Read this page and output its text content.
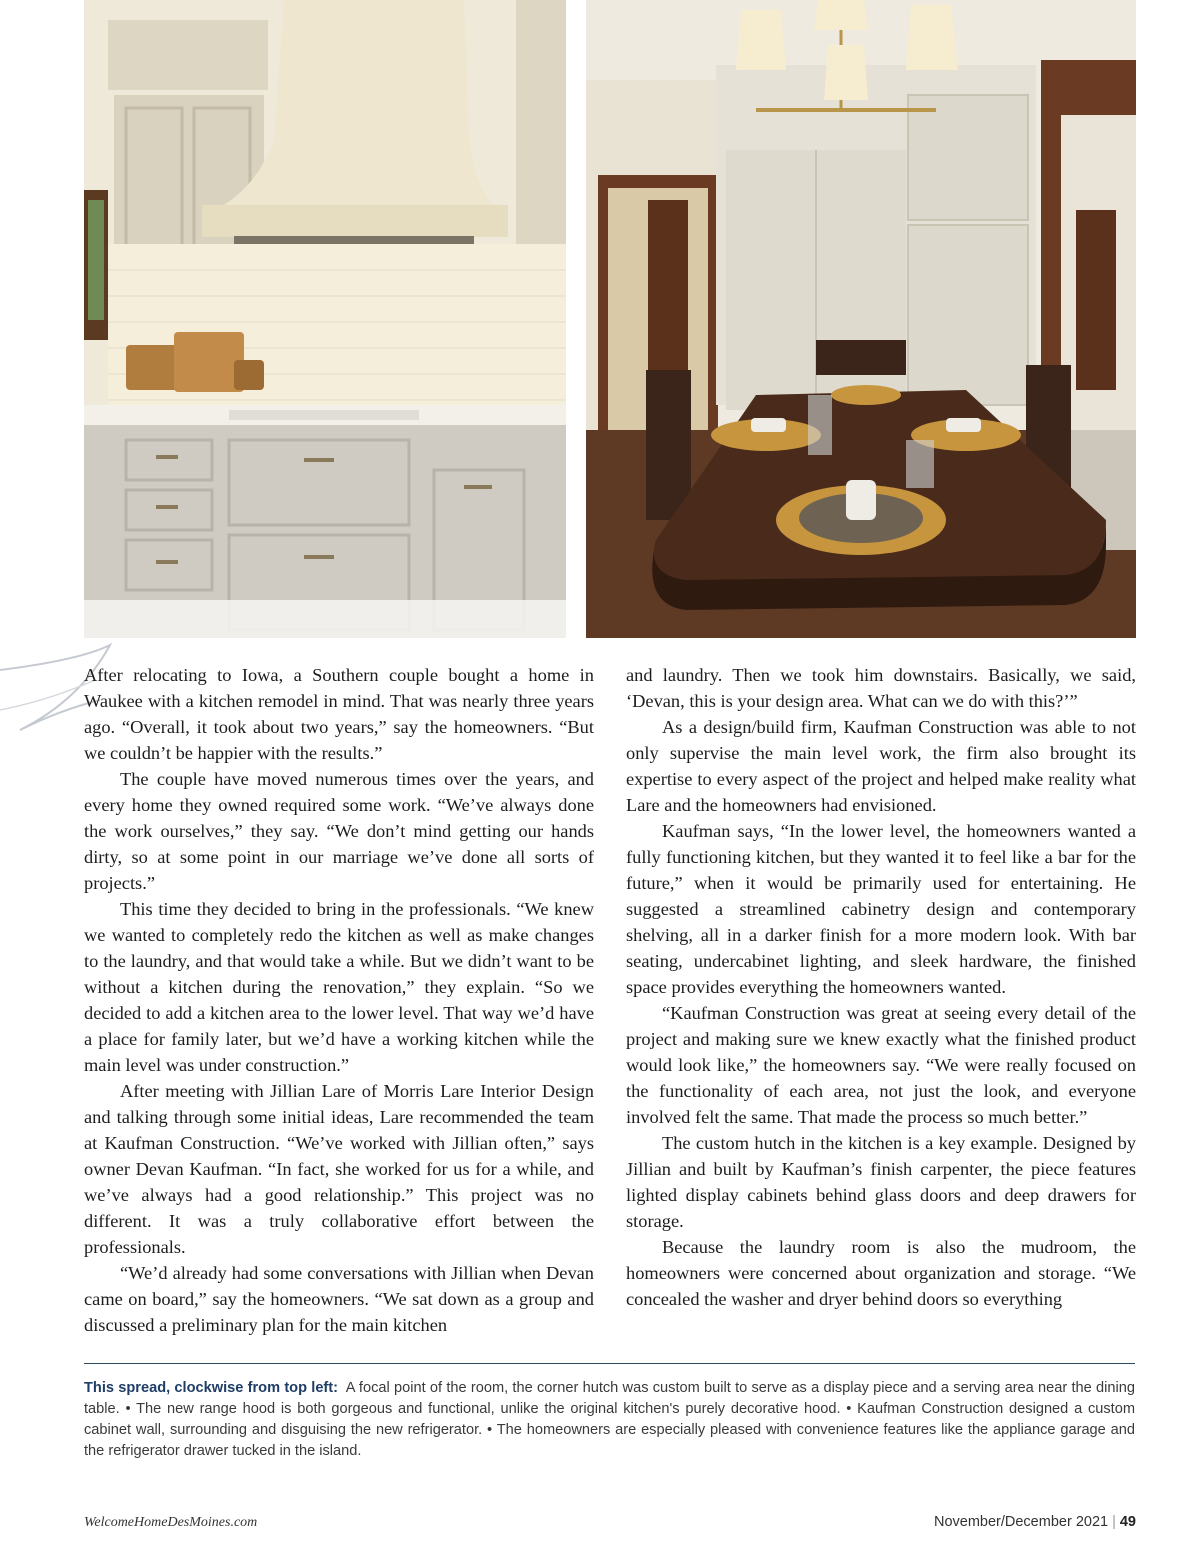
After relocating to Iowa, a Southern couple bought a home in Waukee with a kitchen remodel in mind. That was nearly three years ago. “Overall, it took about two years,” say the homeowners. “But we couldn’t be happier with the results.”

The couple have moved numerous times over the years, and every home they owned required some work. “We’ve always done the work ourselves,” they say. “We don’t mind getting our hands dirty, so at some point in our marriage we’ve done all sorts of projects.”

This time they decided to bring in the professionals. “We knew we wanted to completely redo the kitchen as well as make changes to the laundry, and that would take a while. But we didn’t want to be without a kitchen during the renovation,” they explain. “So we decided to add a kitchen area to the lower level. That way we’d have a place for family later, but we’d have a working kitchen while the main level was under construction.”

After meeting with Jillian Lare of Morris Lare Interior Design and talking through some initial ideas, Lare recommended the team at Kaufman Construction. “We’ve worked with Jillian often,” says owner Devan Kaufman. “In fact, she worked for us for a while, and we’ve always had a good relationship.” This project was no different. It was a truly collaborative effort between the professionals.

“We’d already had some conversations with Jillian when Devan came on board,” say the homeowners. “We sat down as a group and discussed a preliminary plan for the main kitchen

and laundry. Then we took him downstairs. Basically, we said, ‘Devan, this is your design area. What can we do with this?’”

As a design/build firm, Kaufman Construction was able to not only supervise the main level work, the firm also brought its expertise to every aspect of the project and helped make reality what Lare and the homeowners had envisioned.

Kaufman says, “In the lower level, the homeowners wanted a fully functioning kitchen, but they wanted it to feel like a bar for the future,” when it would be primarily used for entertaining. He suggested a streamlined cabinetry design and contemporary shelving, all in a darker finish for a more modern look. With bar seating, undercabinet lighting, and sleek hardware, the finished space provides everything the homeowners wanted.

“Kaufman Construction was great at seeing every detail of the project and making sure we knew exactly what the finished product would look like,” the homeowners say. “We were really focused on the functionality of each area, not just the look, and everyone involved felt the same. That made the process so much better.”

The custom hutch in the kitchen is a key example. Designed by Jillian and built by Kaufman’s finish carpenter, the piece features lighted display cabinets behind glass doors and deep drawers for storage.

Because the laundry room is also the mudroom, the homeowners were concerned about organization and storage. “We concealed the washer and dryer behind doors so everything

This spread, clockwise from top left: A focal point of the room, the corner hutch was custom built to serve as a display piece and a serving area near the dining table. • The new range hood is both gorgeous and functional, unlike the original kitchen's purely decorative hood. • Kaufman Construction designed a custom cabinet wall, surrounding and disguising the new refrigerator. • The homeowners are especially pleased with convenience features like the appliance garage and the refrigerator drawer tucked in the island.
WelcomeHomeDesMoines.com	November/December 2021 | 49
